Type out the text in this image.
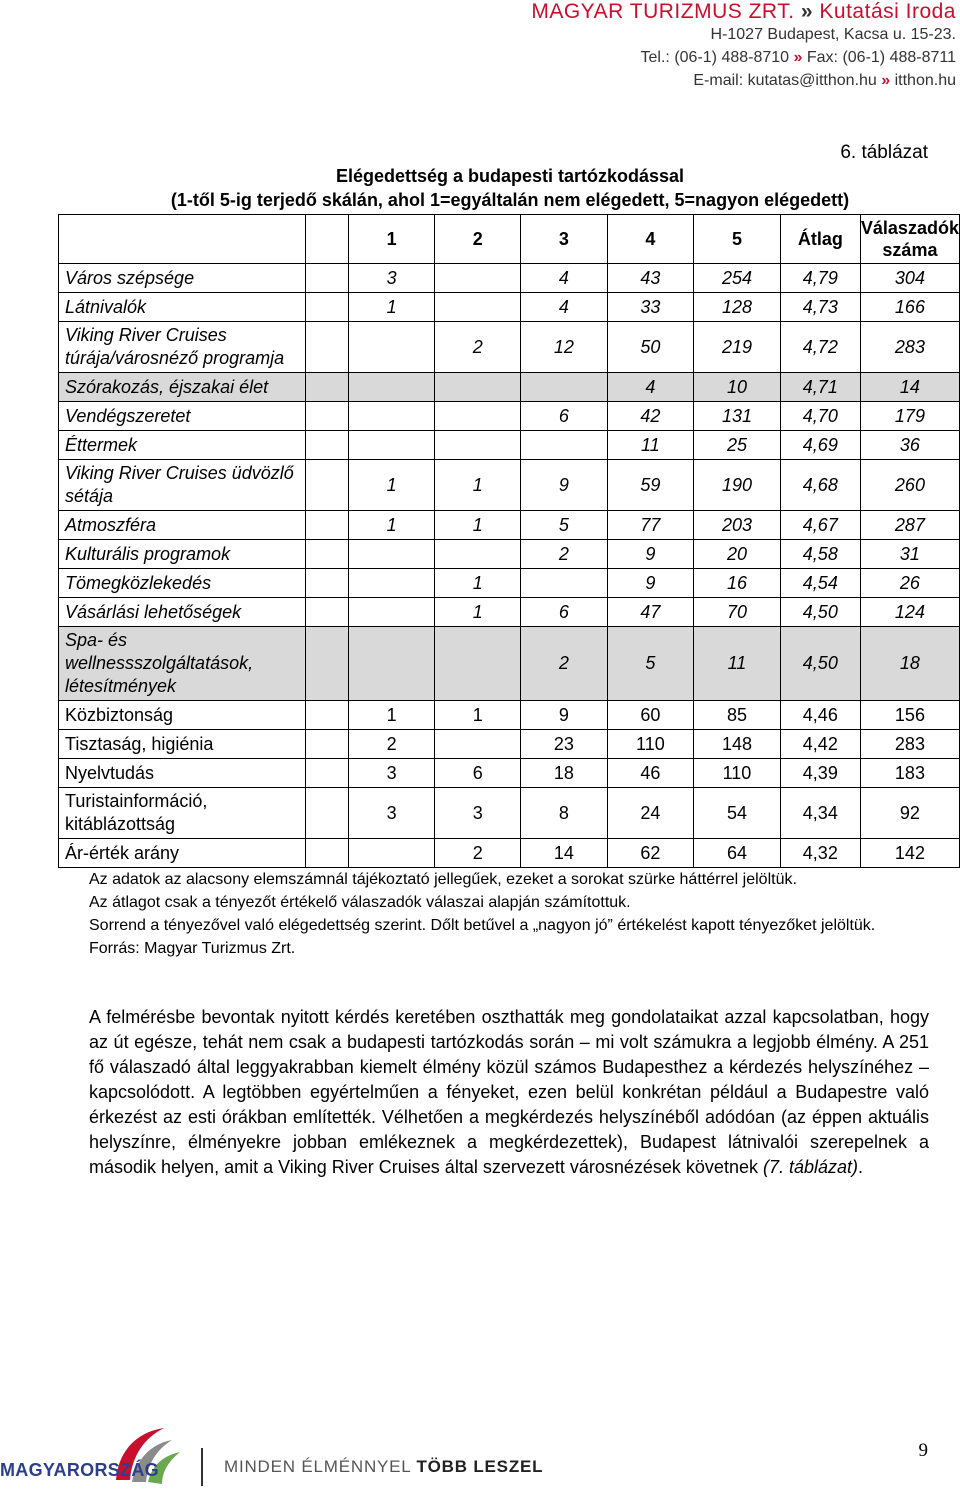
MAGYAR TURIZMUS ZRT. » Kutatási Iroda
H-1027 Budapest, Kacsa u. 15-23.
Tel.: (06-1) 488-8710 » Fax: (06-1) 488-8711
E-mail: kutatas@itthon.hu » itthon.hu
6. táblázat
Elégedettség a budapesti tartózkodással
(1-től 5-ig terjedő skálán, ahol 1=egyáltalán nem elégedett, 5=nagyon elégedett)
		1	2	3	4	5	Átlag	Válaszadók száma
Város szépsége		3		4	43	254	4,79	304
Látnivalók		1		4	33	128	4,73	166
Viking River Cruises túrája/városnéző programja			2	12	50	219	4,72	283
Szórakozás, éjszakai élet					4	10	4,71	14
Vendégszeretet				6	42	131	4,70	179
Éttermek					11	25	4,69	36
Viking River Cruises üdvözlő sétája		1	1	9	59	190	4,68	260
Atmoszféra		1	1	5	77	203	4,67	287
Kulturális programok				2	9	20	4,58	31
Tömegközlekedés			1		9	16	4,54	26
Vásárlási lehetőségek			1	6	47	70	4,50	124
Spa- és wellnessszolgáltatások, létesítmények				2	5	11	4,50	18
Közbiztonság		1	1	9	60	85	4,46	156
Tisztaság, higiénia		2		23	110	148	4,42	283
Nyelvtudás		3	6	18	46	110	4,39	183
Turistainformáció, kitáblázottság		3	3	8	24	54	4,34	92
Ár-érték arány			2	14	62	64	4,32	142

Az adatok az alacsony elemszámnál tájékoztató jellegűek, ezeket a sorokat szürke háttérrel jelöltük.

Az átlagot csak a tényezőt értékelő válaszadók válaszai alapján számítottuk.

Sorrend a tényezővel való elégedettség szerint. Dőlt betűvel a „nagyon jó” értékelést kapott tényezőket jelöltük.

Forrás: Magyar Turizmus Zrt.

A felmérésbe bevontak nyitott kérdés keretében oszthatták meg gondolataikat azzal kapcsolatban, hogy az út egésze, tehát nem csak a budapesti tartózkodás során – mi volt számukra a legjobb élmény. A 251 fő válaszadó által leggyakrabban kiemelt élmény közül számos Budapesthez a kérdezés helyszínéhez – kapcsolódott. A legtöbben egyértelműen a fényeket, ezen belül konkrétan például a Budapestre való érkezést az esti órákban említették. Vélhetően a megkérdezés helyszínéből adódóan (az éppen aktuális helyszínre, élményekre jobban emlékeznek a megkérdezettek), Budapest látnivalói szerepelnek a második helyen, amit a Viking River Cruises által szervezett városnézések követnek (7. táblázat).
MAGYARORSZÁG	MINDEN ÉLMÉNNYEL TÖBB LESZEL
9
